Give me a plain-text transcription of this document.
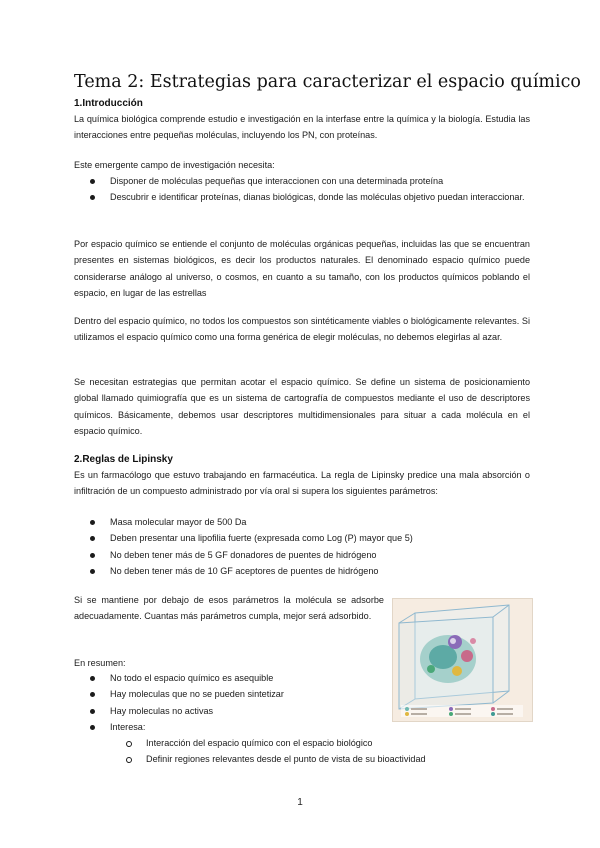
Tema 2: Estrategias para caracterizar el espacio químico
1.Introducción

La química biológica comprende estudio e investigación en la interfase entre la química y la biología. Estudia las interacciones entre pequeñas moléculas, incluyendo los PN, con proteínas.

Este emergente campo de investigación necesita:

Disponer de moléculas pequeñas que interaccionen con una determinada proteína
Descubrir e identificar proteínas, dianas biológicas, donde las moléculas objetivo puedan interaccionar.

Por espacio químico se entiende el conjunto de moléculas orgánicas pequeñas, incluidas las que se encuentran presentes en sistemas biológicos, es decir los productos naturales. El denominado espacio químico puede considerarse análogo al universo, o cosmos, en cuanto a su tamaño, con los productos químicos poblando el espacio, en lugar de las estrellas

Dentro del espacio químico, no todos los compuestos son sintéticamente viables o biológicamente relevantes. Si utilizamos el espacio químico como una forma genérica de elegir moléculas, no debemos elegirlas al azar.

Se necesitan estrategias que permitan acotar el espacio químico. Se define un sistema de posicionamiento global llamado quimiografía que es un sistema de cartografía de compuestos mediante el uso de descriptores químicos. Básicamente, debemos usar descriptores multidimensionales para situar a cada molécula en el espacio químico.

2.Reglas de Lipinsky

Es un farmacólogo que estuvo trabajando en farmacéutica. La regla de Lipinsky predice una mala absorción o infiltración de un compuesto administrado por vía oral si supera los siguientes parámetros:

Masa molecular mayor de 500 Da
Deben presentar una lipofilia fuerte (expresada como Log (P) mayor que 5)
No deben tener más de 5 GF donadores de puentes de hidrógeno
No deben tener más de 10 GF aceptores de puentes de hidrógeno

Si se mantiene por debajo de esos parámetros la molécula se adsorbe adecuadamente. Cuantas más parámetros cumpla, mejor será adsorbido.

En resumen:

No todo el espacio químico es asequible
Hay moleculas que no se pueden sintetizar
Hay moleculas no activas
Interesa:
Interacción del espacio químico con el espacio biológico
Definir regiones relevantes desde el punto de vista de su bioactividad
1
